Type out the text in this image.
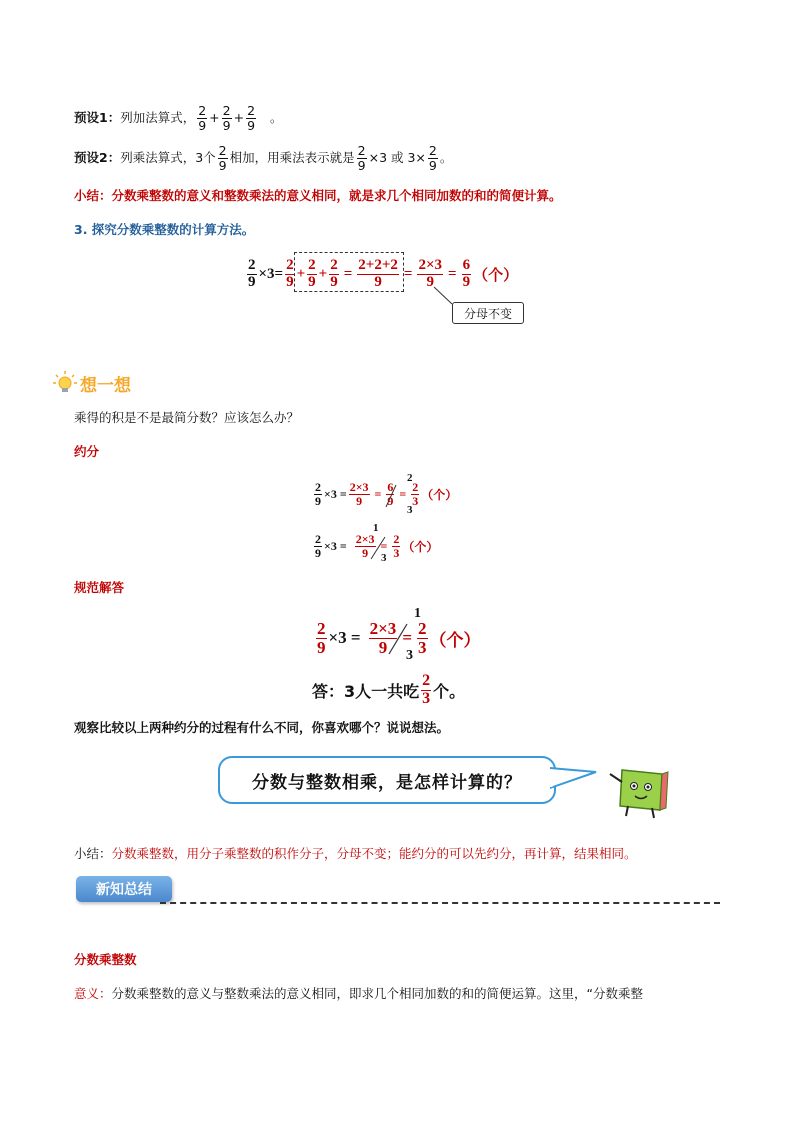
预设1： 列加法算式， $\frac{2}{9} + \frac{2}{9} + \frac{2}{9}$ 。
预设2： 列乘法算式，3个 $\frac{2}{9}$ 相加，用乘法表示就是 $\frac{2}{9} \times 3$ 或 $3\times \frac{2}{9}$ 。
小结：分数乘整数的意义和整数乘法的意义相同，就是求几个相同加数的和的简便计算。
3. 探究分数乘整数的计算方法。
$\frac{2}{9} \times 3= \frac{2}{9} + \frac{2}{9} + \frac{2}{9} = \frac{2+2+2}{9} = \frac{2\times 3}{9} = \frac{6}{9}$ （个）
分母不变
想一想
乘得的积是不是最简分数？应该怎么办？
约分
$\frac{2}{9} \times 3 = \frac{2\times 3}{9} = \frac{6}{9} = \frac{2}{3}$ （个）
2
3
$\frac{2}{9} \times 3 = \frac{2\times 3}{9} = \frac{2}{3}$ （个）
1
3
规范解答
$\frac{2}{9} \times 3 = \frac{2\times 3}{9} = \frac{2}{3}$ （个）
1
3
答：3人一共吃 $\frac{2}{3}$ 个。
观察比较以上两种约分的过程有什么不同，你喜欢哪个？说说想法。
分数与整数相乘，是怎样计算的？
小结：分数乘整数，用分子乘整数的积作分子，分母不变；能约分的可以先约分，再计算，结果相同。
新知总结
分数乘整数
意义：分数乘整数的意义与整数乘法的意义相同，即求几个相同加数的和的简便运算。这里，“分数乘整
